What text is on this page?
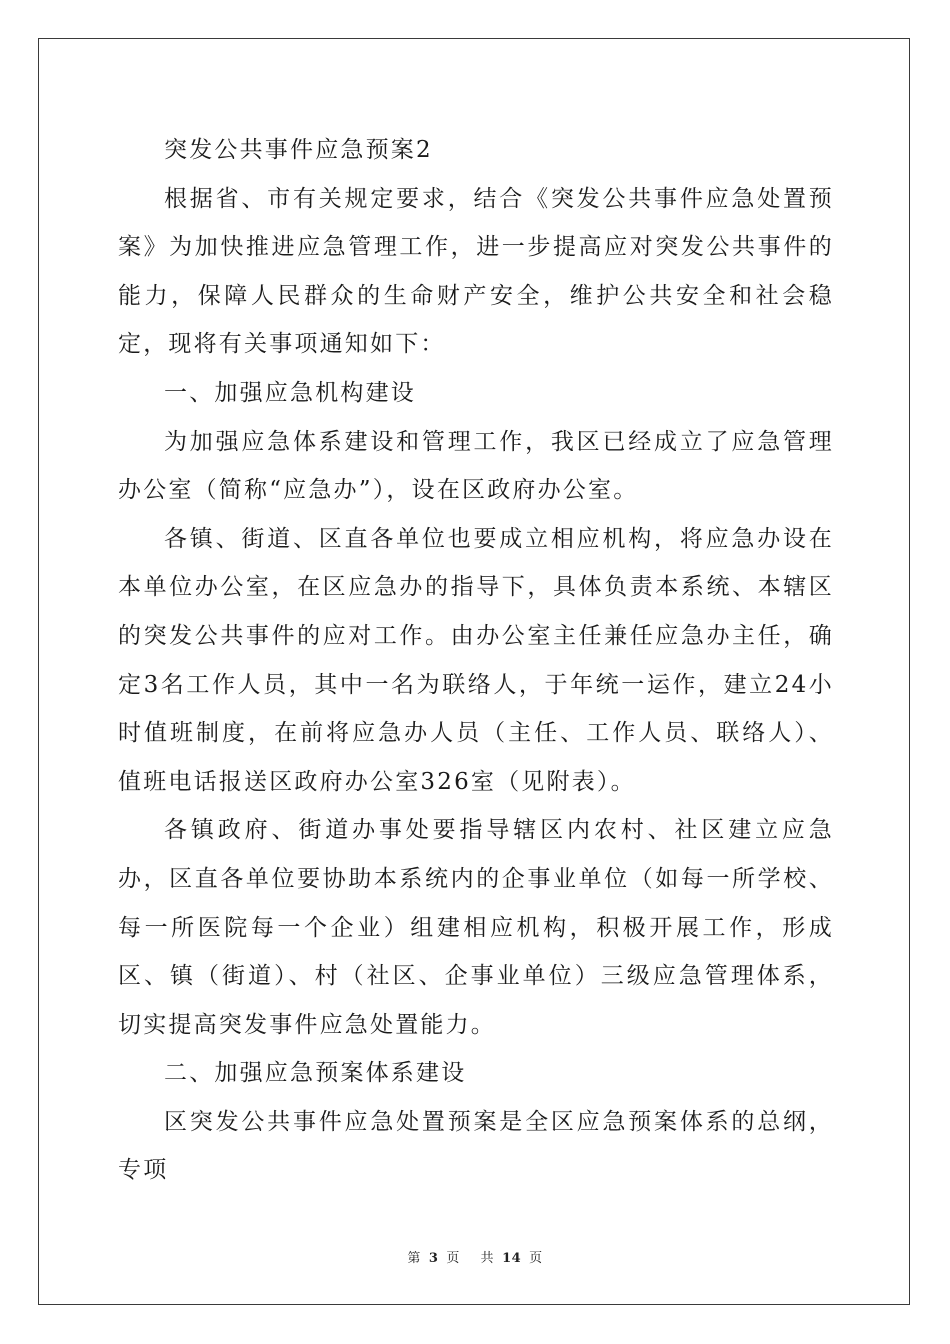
突发公共事件应急预案2

根据省、市有关规定要求，结合《突发公共事件应急处置预案》为加快推进应急管理工作，进一步提高应对突发公共事件的能力，保障人民群众的生命财产安全，维护公共安全和社会稳定，现将有关事项通知如下：

一、加强应急机构建设

为加强应急体系建设和管理工作，我区已经成立了应急管理办公室（简称“应急办”），设在区政府办公室。

各镇、街道、区直各单位也要成立相应机构，将应急办设在本单位办公室，在区应急办的指导下，具体负责本系统、本辖区的突发公共事件的应对工作。由办公室主任兼任应急办主任，确定3名工作人员，其中一名为联络人，于年统一运作，建立24小时值班制度，在前将应急办人员（主任、工作人员、联络人）、值班电话报送区政府办公室326室（见附表）。

各镇政府、街道办事处要指导辖区内农村、社区建立应急办，区直各单位要协助本系统内的企事业单位（如每一所学校、每一所医院每一个企业）组建相应机构，积极开展工作，形成区、镇（街道）、村（社区、企事业单位）三级应急管理体系，切实提高突发事件应急处置能力。

二、加强应急预案体系建设

区突发公共事件应急处置预案是全区应急预案体系的总纲，专项

第 3 页 共 14 页
